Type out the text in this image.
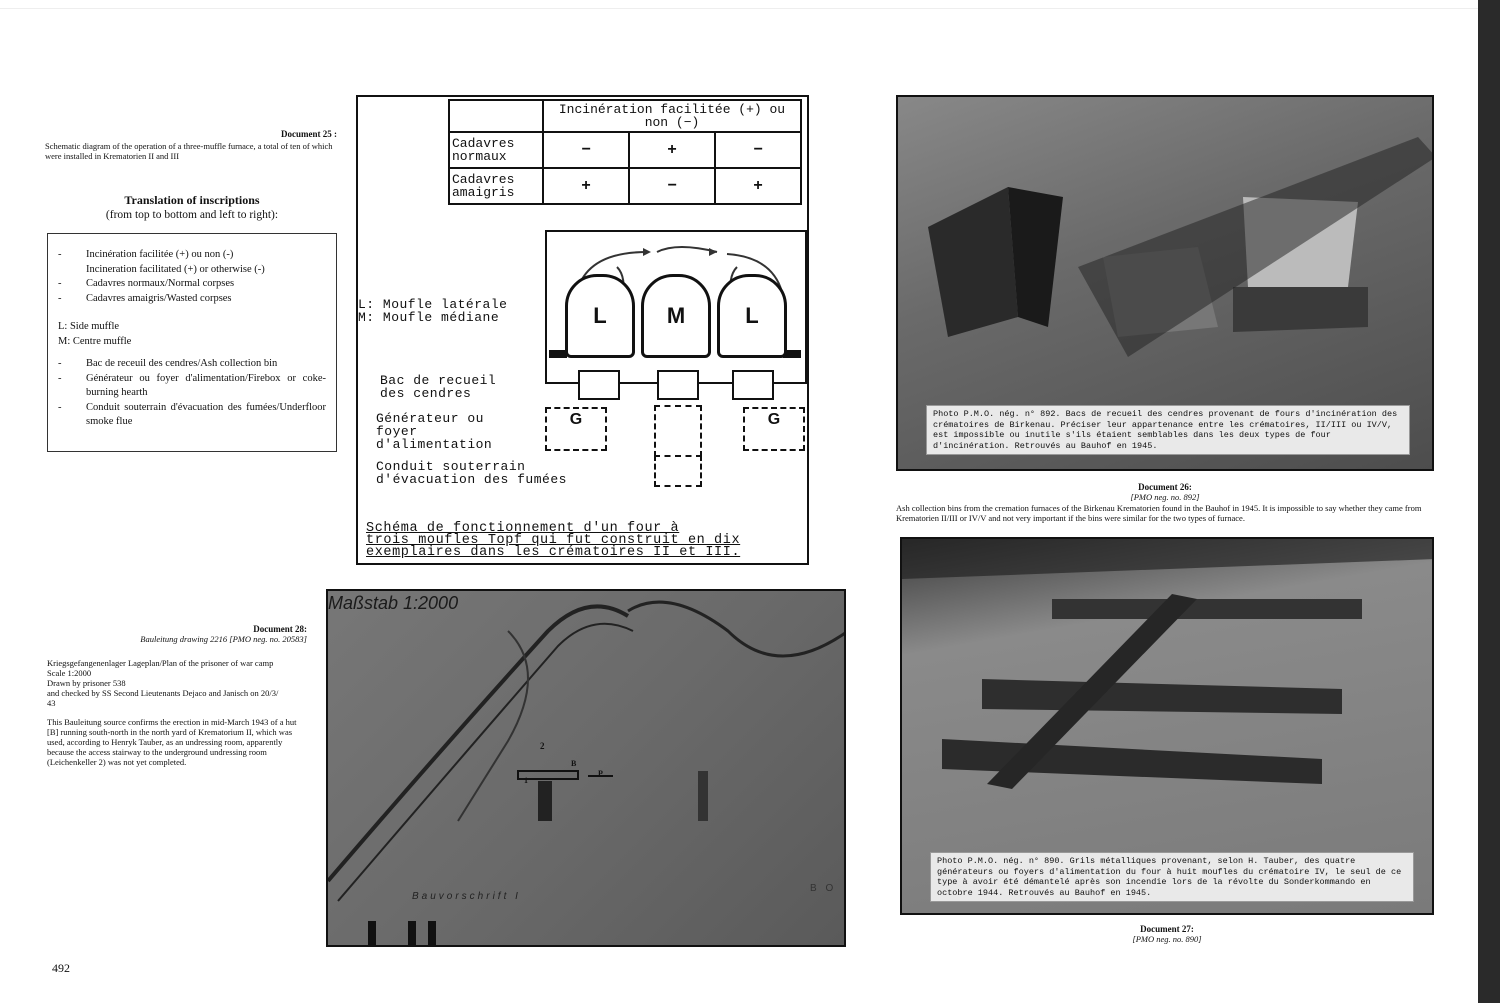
Document 25 :
Schematic diagram of the operation of a three-muffle furnace, a total of ten of which were installed in Krematorien II and III
Translation of inscriptions
(from top to bottom and left to right):
-	Incinération facilitée (+) ou non (-)
Incineration facilitated (+) or otherwise (-)
-	Cadavres normaux/Normal corpses
-	Cadavres amaigris/Wasted corpses
L: Side muffle
M: Centre muffle
-	Bac de receuil des cendres/Ash collection bin
-	Générateur ou foyer d'alimentation/Firebox or coke-burning hearth
-	Conduit souterrain d'évacuation des fumées/Underfloor smoke flue
	Incinération facilitée (+) ou non (−)		
Cadavres normaux	−	+	−
Cadavres amaigris	+	−	+
L	M	L
L: Moufle latérale
M: Moufle médiane
Bac de recueil
des cendres
Générateur ou
foyer
d'alimentation
G	G
Conduit souterrain
d'évacuation des fumées
Schéma de fonctionnement d'un four à
trois moufles Topf qui fut construit en dix
exemplaires dans les crématoires II et III.
Photo P.M.O. nég. n° 892. Bacs de recueil des cendres provenant de fours d'incinération des crématoires de Birkenau. Préciser leur appartenance entre les crématoires, II/III ou IV/V, est impossible ou inutile s'ils étaient semblables dans les deux types de four d'incinération. Retrouvés au Bauhof en 1945.
Document 26:
[PMO neg. no. 892]
Ash collection bins from the cremation furnaces of the Birkenau Krematorien found in the Bauhof in 1945. It is impossible to say whether they came from Krematorien II/III or IV/V and not very important if the bins were similar for the two types of furnace.
Photo P.M.O. nég. n° 890. Grils métalliques provenant, selon H. Tauber, des quatre générateurs ou foyers d'alimentation du four à huit moufles du crématoire IV, le seul de ce type à avoir été démantelé après son incendie lors de la révolte du Sonderkommando en octobre 1944. Retrouvés au Bauhof en 1945.
Document 27:
[PMO neg. no. 890]
Document 28:
Bauleitung drawing 2216 [PMO neg. no. 20583]
Kriegsgefangenenlager Lageplan/Plan of the prisoner of war camp
Scale 1:2000
Drawn by prisoner 538
and checked by SS Second Lieutenants Dejaco and Janisch on 20/3/
43
This Bauleitung source confirms the erection in mid-March 1943 of a hut [B] running south-north in the north yard of Krematorium II, which was used, according to Henryk Tauber, as an undressing room, apparently because the access stairway to the underground undressing room (Leichenkeller 2) was not yet completed.
Maßstab 1:2000
Bauvorschrift I
B O
2
B
P
1
492
